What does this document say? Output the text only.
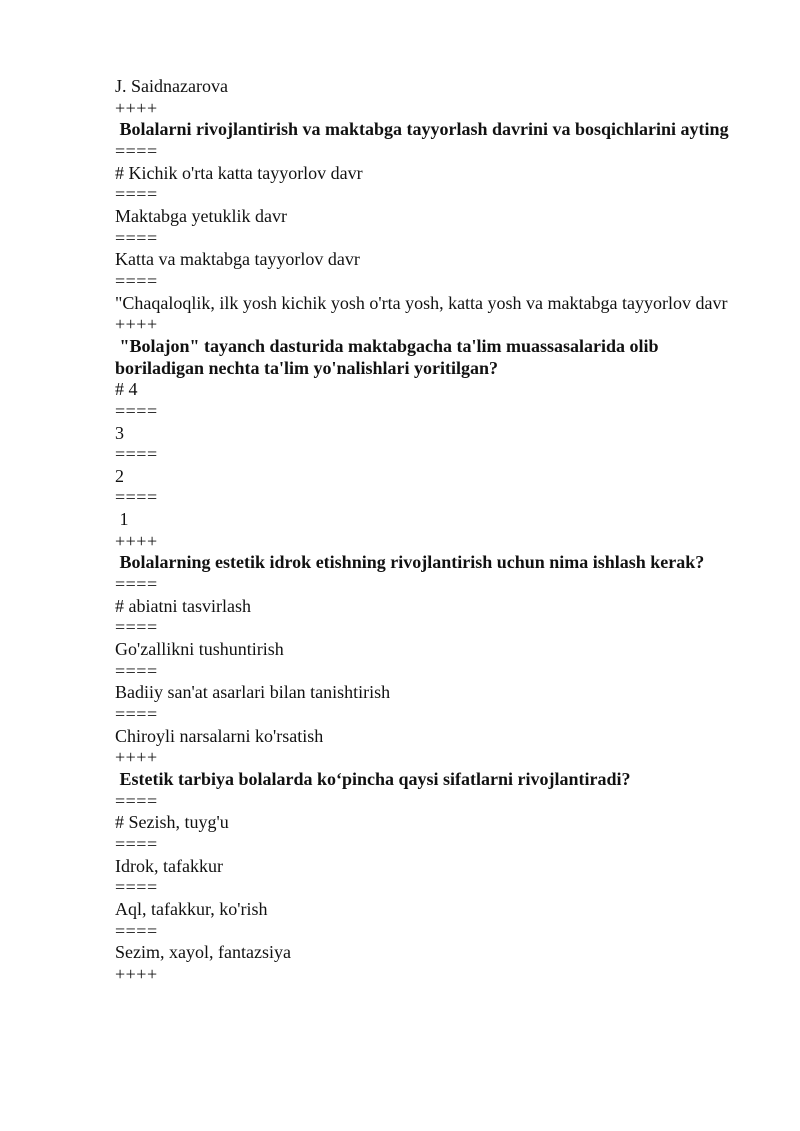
J. Saidnazarova
++++
Bolalarni rivojlantirish va maktabga tayyorlash davrini va bosqichlarini ayting
====
# Kichik o'rta katta tayyorlov davr
====
Maktabga yetuklik davr
====
Katta va maktabga tayyorlov davr
====
"Chaqaloqlik, ilk yosh kichik yosh o'rta yosh, katta yosh va maktabga tayyorlov davr
++++
"Bolajon" tayanch dasturida maktabgacha ta'lim muassasalarida olib boriladigan nechta ta'lim yo'nalishlari yoritilgan?
# 4
====
3
====
2
====
1
++++
Bolalarning estetik idrok etishning rivojlantirish uchun nima ishlash kerak?
====
# abiatni tasvirlash
====
Go'zallikni tushuntirish
====
Badiiy san'at asarlari bilan tanishtirish
====
Chiroyli narsalarni ko'rsatish
++++
Estetik tarbiya bolalarda ko‘pincha qaysi sifatlarni rivojlantiradi?
====
# Sezish, tuyg'u
====
Idrok, tafakkur
====
Aql, tafakkur, ko'rish
====
Sezim, xayol, fantazsiya
++++
